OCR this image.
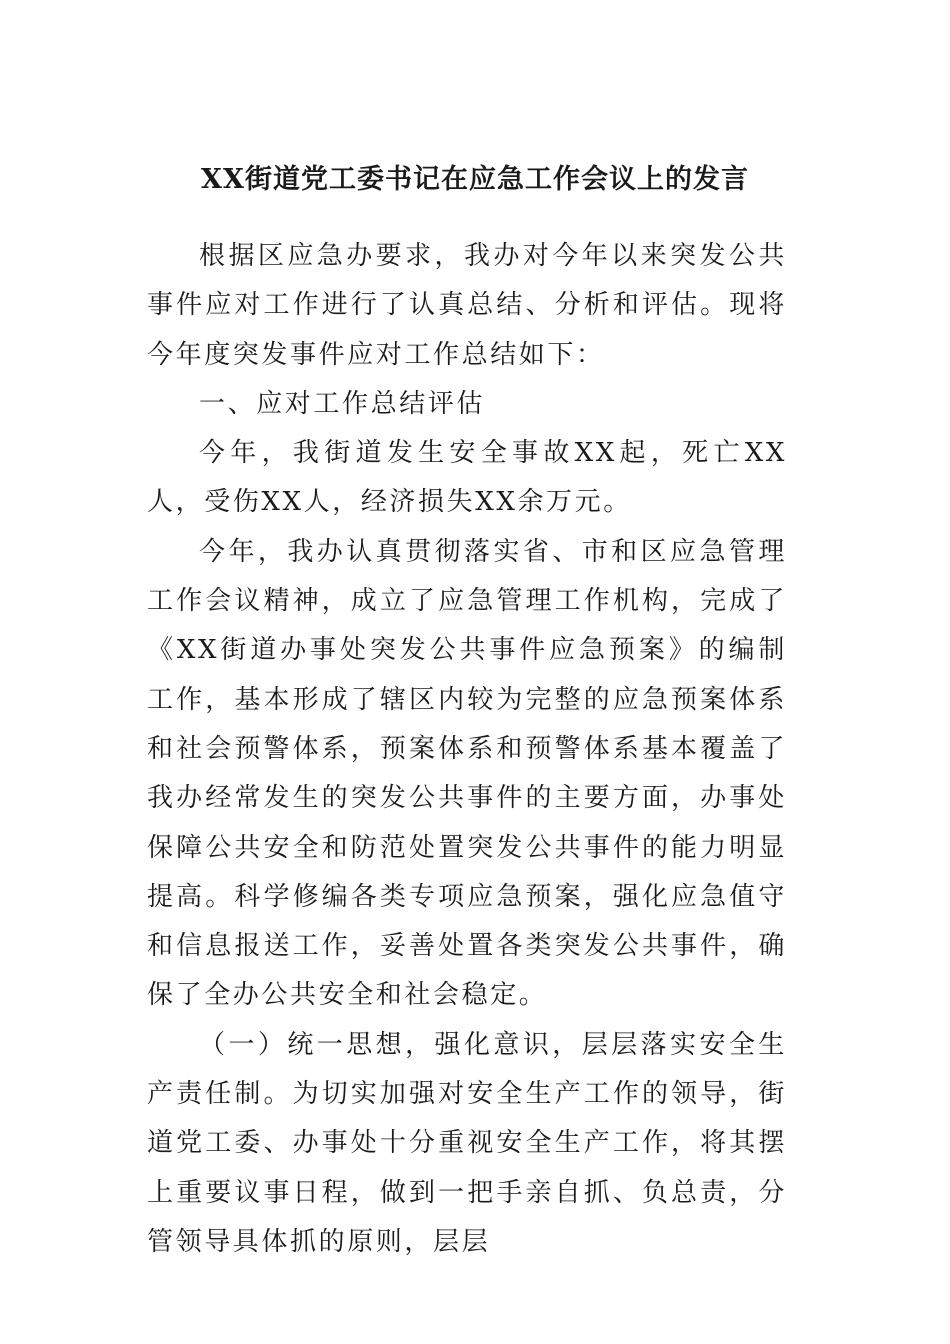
XX街道党工委书记在应急工作会议上的发言

根据区应急办要求，我办对今年以来突发公共事件应对工作进行了认真总结、分析和评估。现将今年度突发事件应对工作总结如下：

一、应对工作总结评估

今年，我街道发生安全事故XX起，死亡XX人，受伤XX人，经济损失XX余万元。

今年，我办认真贯彻落实省、市和区应急管理工作会议精神，成立了应急管理工作机构，完成了《XX街道办事处突发公共事件应急预案》的编制工作，基本形成了辖区内较为完整的应急预案体系和社会预警体系，预案体系和预警体系基本覆盖了我办经常发生的突发公共事件的主要方面，办事处保障公共安全和防范处置突发公共事件的能力明显提高。科学修编各类专项应急预案，强化应急值守和信息报送工作，妥善处置各类突发公共事件，确保了全办公共安全和社会稳定。

（一）统一思想，强化意识，层层落实安全生产责任制。为切实加强对安全生产工作的领导，街道党工委、办事处十分重视安全生产工作，将其摆上重要议事日程，做到一把手亲自抓、负总责，分管领导具体抓的原则，层层
